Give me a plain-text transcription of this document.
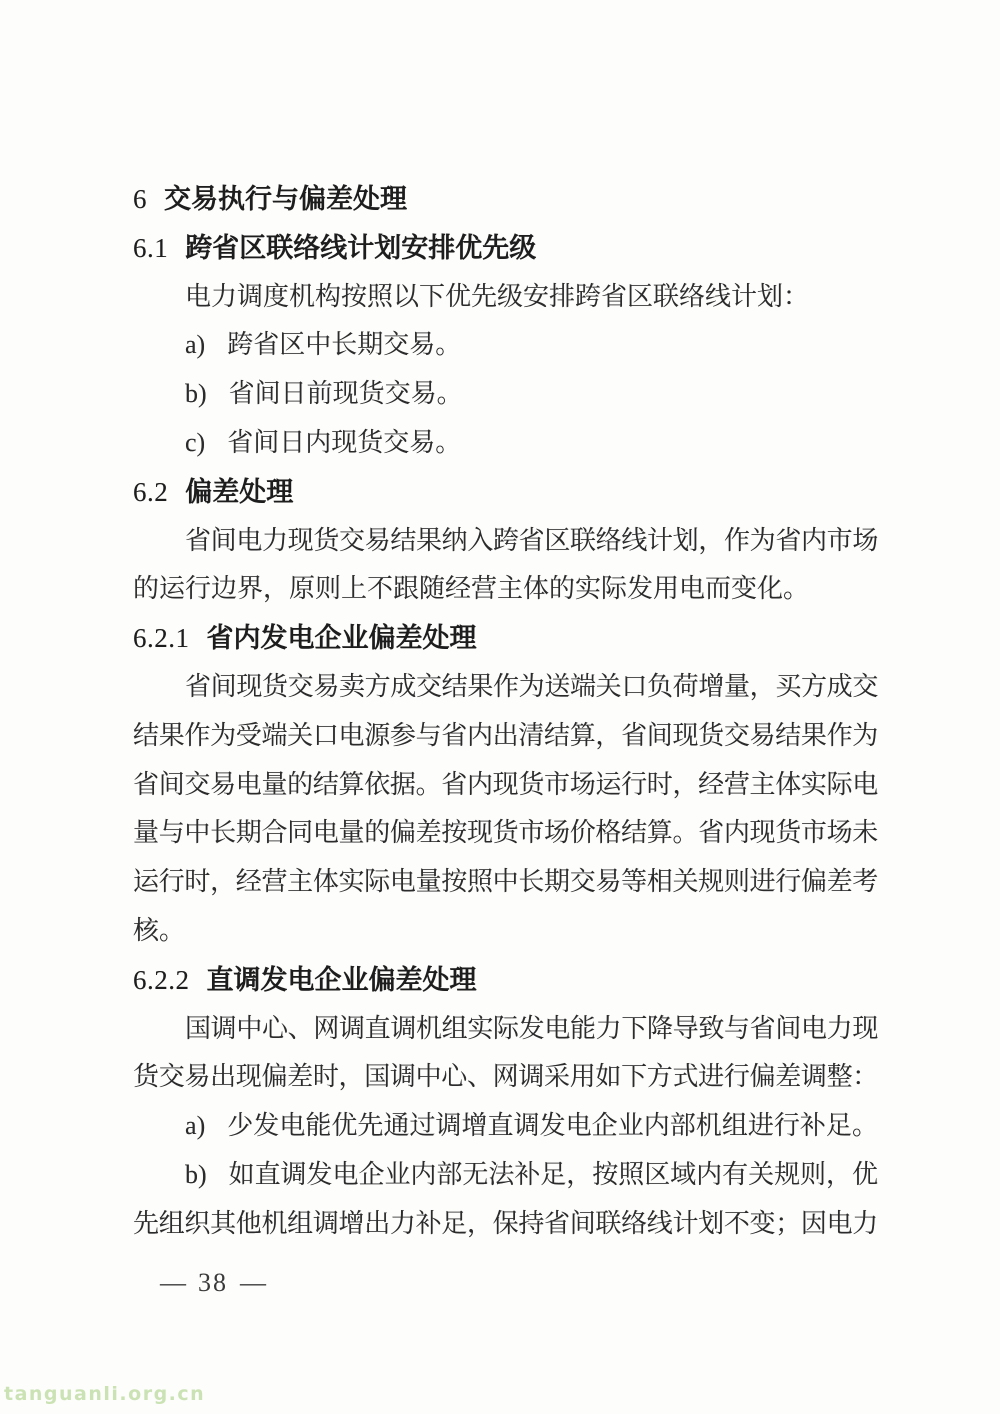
6 交易执行与偏差处理
6.1 跨省区联络线计划安排优先级
电力调度机构按照以下优先级安排跨省区联络线计划：
a) 跨省区中长期交易。
b) 省间日前现货交易。
c) 省间日内现货交易。
6.2 偏差处理
省间电力现货交易结果纳入跨省区联络线计划，作为省内市场
的运行边界，原则上不跟随经营主体的实际发用电而变化。
6.2.1 省内发电企业偏差处理
省间现货交易卖方成交结果作为送端关口负荷增量，买方成交
结果作为受端关口电源参与省内出清结算，省间现货交易结果作为
省间交易电量的结算依据。省内现货市场运行时，经营主体实际电
量与中长期合同电量的偏差按现货市场价格结算。省内现货市场未
运行时，经营主体实际电量按照中长期交易等相关规则进行偏差考
核。
6.2.2 直调发电企业偏差处理
国调中心、网调直调机组实际发电能力下降导致与省间电力现
货交易出现偏差时，国调中心、网调采用如下方式进行偏差调整：
a) 少发电能优先通过调增直调发电企业内部机组进行补足。
b) 如直调发电企业内部无法补足，按照区域内有关规则，优
先组织其他机组调增出力补足，保持省间联络线计划不变；因电力
— 38 —
tanguanli.org.cn
